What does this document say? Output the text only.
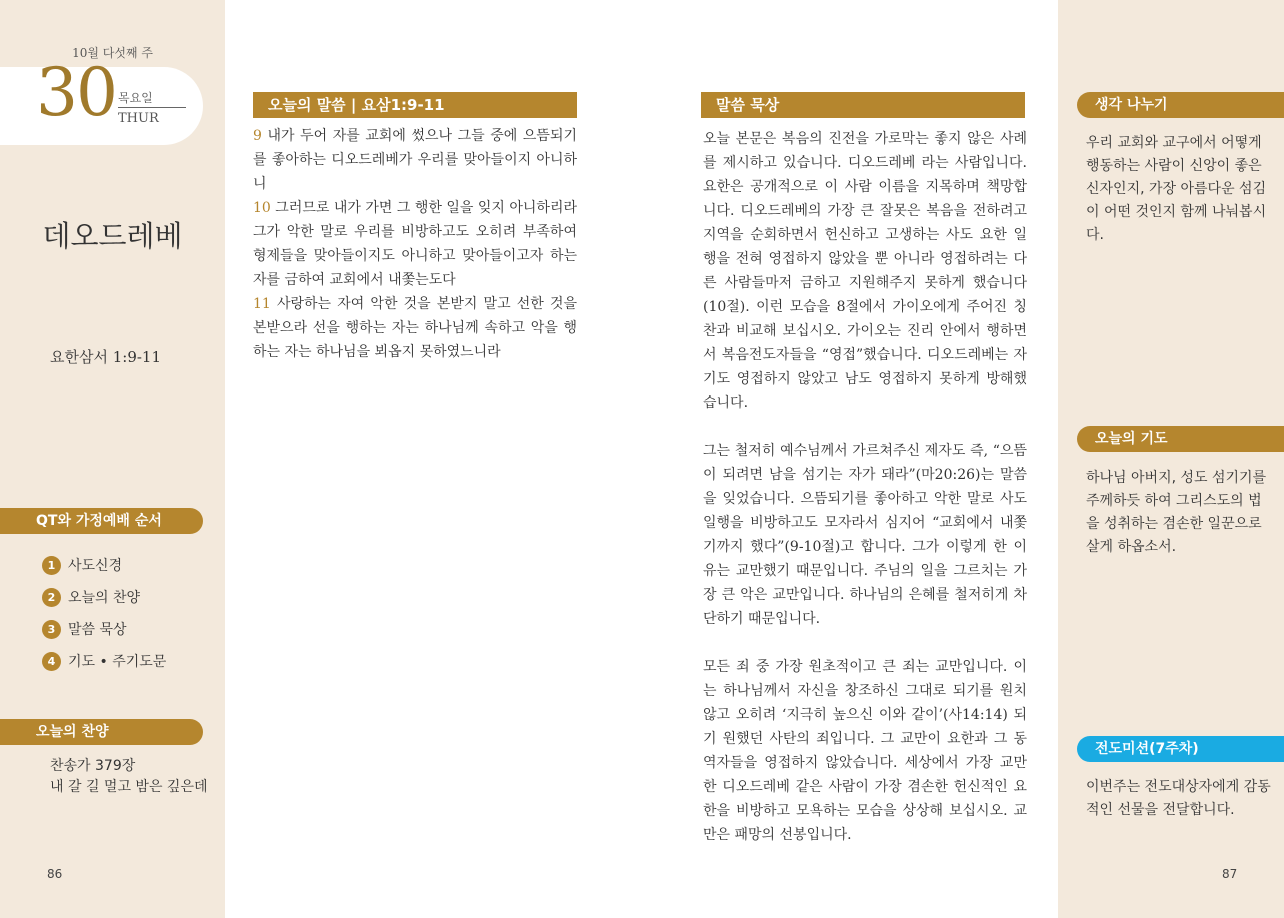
10월 다섯째 주
30 목요일
THUR
데오드레베
요한삼서 1:9-11
QT와 가정예배 순서
1 사도신경
2 오늘의 찬양
3 말씀 묵상
4 기도 • 주기도문
오늘의 찬양
찬송가 379장
내 갈 길 멀고 밤은 깊은데
86
오늘의 말씀 | 요삼1:9-11
9 내가 두어 자를 교회에 썼으나 그들 중에 으뜸되기를 좋아하는 디오드레베가 우리를 맞아들이지 아니하니
10 그러므로 내가 가면 그 행한 일을 잊지 아니하리라 그가 악한 말로 우리를 비방하고도 오히려 부족하여 형제들을 맞아들이지도 아니하고 맞아들이고자 하는 자를 금하여 교회에서 내쫓는도다
11 사랑하는 자여 악한 것을 본받지 말고 선한 것을 본받으라 선을 행하는 자는 하나님께 속하고 악을 행하는 자는 하나님을 뵈옵지 못하였느니라
말씀 묵상

오늘 본문은 복음의 진전을 가로막는 좋지 않은 사례를 제시하고 있습니다. 디오드레베 라는 사람입니다. 요한은 공개적으로 이 사람 이름을 지목하며 책망합니다. 디오드레베의 가장 큰 잘못은 복음을 전하려고 지역을 순회하면서 헌신하고 고생하는 사도 요한 일행을 전혀 영접하지 않았을 뿐 아니라 영접하려는 다른 사람들마저 금하고 지원해주지 못하게 했습니다(10절). 이런 모습을 8절에서 가이오에게 주어진 칭찬과 비교해 보십시오. 가이오는 진리 안에서 행하면서 복음전도자들을 “영접”했습니다. 디오드레베는 자기도 영접하지 않았고 남도 영접하지 못하게 방해했습니다.

그는 철저히 예수님께서 가르쳐주신 제자도 즉, “으뜸이 되려면 남을 섬기는 자가 돼라”(마20:26)는 말씀을 잊었습니다. 으뜸되기를 좋아하고 악한 말로 사도 일행을 비방하고도 모자라서 심지어 “교회에서 내쫓기까지 했다”(9-10절)고 합니다. 그가 이렇게 한 이유는 교만했기 때문입니다. 주님의 일을 그르치는 가장 큰 악은 교만입니다. 하나님의 은혜를 철저히게 차단하기 때문입니다.

모든 죄 중 가장 원초적이고 큰 죄는 교만입니다. 이는 하나님께서 자신을 창조하신 그대로 되기를 원치 않고 오히려 ‘지극히 높으신 이와 같이’(사14:14) 되기 원했던 사탄의 죄입니다. 그 교만이 요한과 그 동역자들을 영접하지 않았습니다. 세상에서 가장 교만한 디오드레베 같은 사람이 가장 겸손한 헌신적인 요한을 비방하고 모욕하는 모습을 상상해 보십시오. 교만은 패망의 선봉입니다.

생각 나누기
우리 교회와 교구에서 어떻게 행동하는 사람이 신앙이 좋은 신자인지, 가장 아름다운 섬김이 어떤 것인지 함께 나눠봅시다.
오늘의 기도
하나님 아버지, 성도 섬기기를 주께하듯 하여 그리스도의 법을 성취하는 겸손한 일꾼으로 살게 하옵소서.
전도미션(7주차)
이번주는 전도대상자에게 감동적인 선물을 전달합니다.
87
